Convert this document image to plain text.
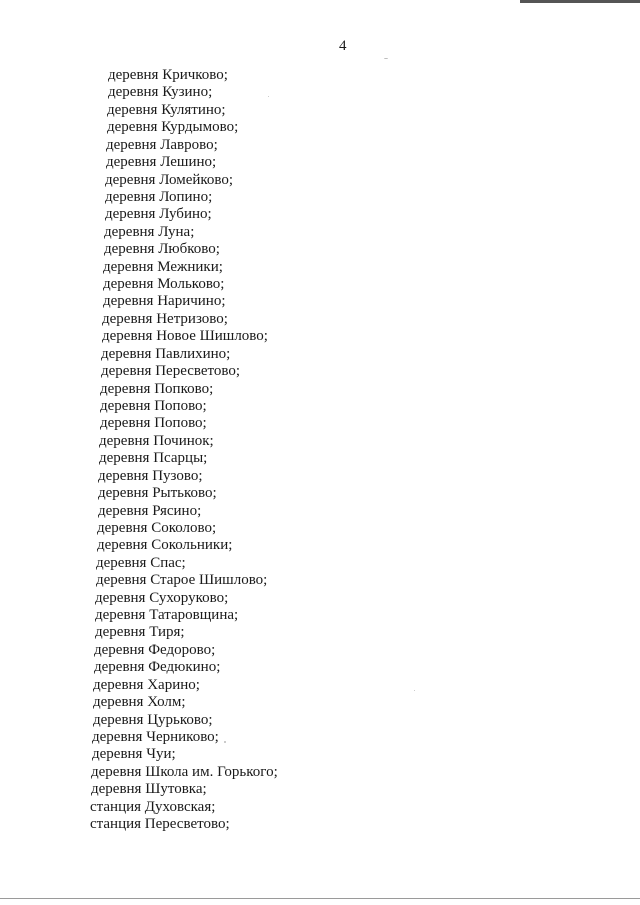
4
деревня Кричково;
деревня Кузино;
деревня Кулятино;
деревня Курдымово;
деревня Лаврово;
деревня Лешино;
деревня Ломейково;
деревня Лопино;
деревня Лубино;
деревня Луна;
деревня Любково;
деревня Межники;
деревня Мольково;
деревня Наричино;
деревня Нетризово;
деревня Новое Шишлово;
деревня Павлихино;
деревня Пересветово;
деревня Попково;
деревня Попово;
деревня Попово;
деревня Починок;
деревня Псарцы;
деревня Пузово;
деревня Рытьково;
деревня Рясино;
деревня Соколово;
деревня Сокольники;
деревня Спас;
деревня Старое Шишлово;
деревня Сухоруково;
деревня Татаровщина;
деревня Тиря;
деревня Федорово;
деревня Федюкино;
деревня Харино;
деревня Холм;
деревня Цурьково;
деревня Черниково;
деревня Чуи;
деревня Школа им. Горького;
деревня Шутовка;
станция Духовская;
станция Пересветово;
